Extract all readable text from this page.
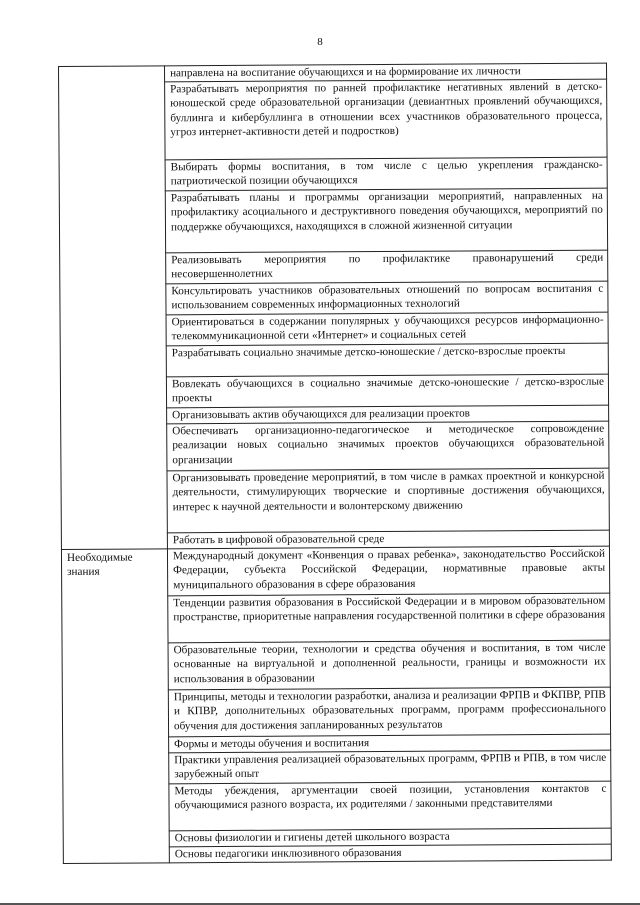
8
	направлена на воспитание обучающихся и на формирование их личности
	Разрабатывать мероприятия по ранней профилактике негативных явлений в детско-юношеской среде образовательной организации (девиантных проявлений обучающихся, буллинга и кибербуллинга в отношении всех участников образовательного процесса, угроз интернет-активности детей и подростков)
	Выбирать формы воспитания, в том числе с целью укрепления гражданско-патриотической позиции обучающихся
	Разрабатывать планы и программы организации мероприятий, направленных на профилактику асоциального и деструктивного поведения обучающихся, мероприятий по поддержке обучающихся, находящихся в сложной жизненной ситуации
	Реализовывать мероприятия по профилактике правонарушений среди несовершеннолетних
	Консультировать участников образовательных отношений по вопросам воспитания с использованием современных информационных технологий
	Ориентироваться в содержании популярных у обучающихся ресурсов информационно-телекоммуникационной сети «Интернет» и социальных сетей
	Разрабатывать социально значимые детско-юношеские / детско-взрослые проекты
	Вовлекать обучающихся в социально значимые детско-юношеские / детско-взрослые проекты
	Организовывать актив обучающихся для реализации проектов
	Обеспечивать организационно-педагогическое и методическое сопровождение реализации новых социально значимых проектов обучающихся образовательной организации
	Организовывать проведение мероприятий, в том числе в рамках проектной и конкурсной деятельности, стимулирующих творческие и спортивные достижения обучающихся, интерес к научной деятельности и волонтерскому движению
	Работать в цифровой образовательной среде
Необходимые знания	Международный документ «Конвенция о правах ребенка», законодательство Российской Федерации, субъекта Российской Федерации, нормативные правовые акты муниципального образования в сфере образования
	Тенденции развития образования в Российской Федерации и в мировом образовательном пространстве, приоритетные направления государственной политики в сфере образования
	Образовательные теории, технологии и средства обучения и воспитания, в том числе основанные на виртуальной и дополненной реальности, границы и возможности их использования в образовании
	Принципы, методы и технологии разработки, анализа и реализации ФРПВ и ФКПВР, РПВ и КПВР, дополнительных образовательных программ, программ профессионального обучения для достижения запланированных результатов
	Формы и методы обучения и воспитания
	Практики управления реализацией образовательных программ, ФРПВ и РПВ, в том числе зарубежный опыт
	Методы убеждения, аргументации своей позиции, установления контактов с обучающимися разного возраста, их родителями / законными представителями
	Основы физиологии и гигиены детей школьного возраста
	Основы педагогики инклюзивного образования
